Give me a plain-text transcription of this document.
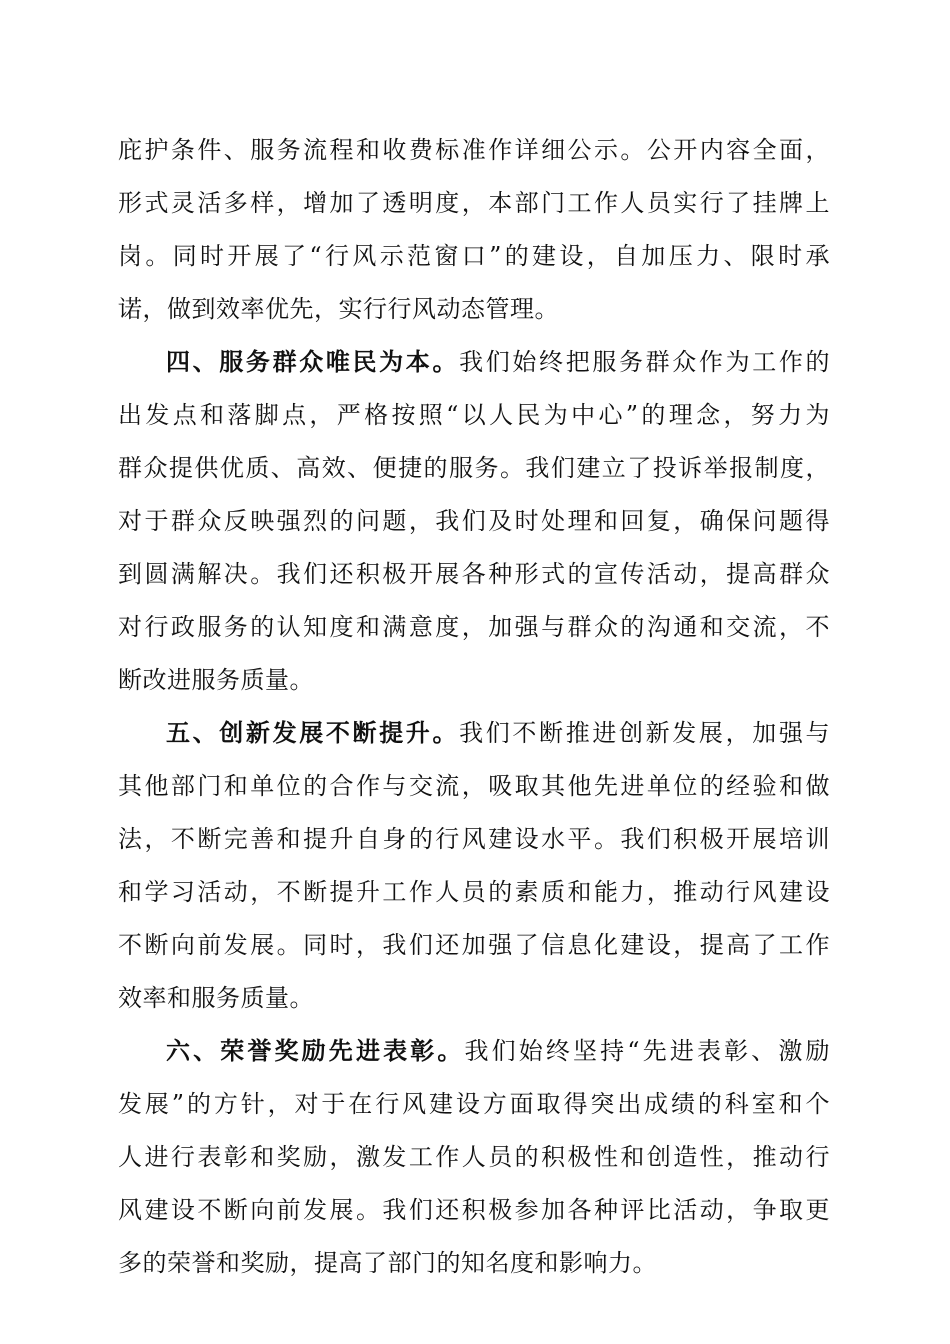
庇护条件、服务流程和收费标准作详细公示。公开内容全面，
形式灵活多样，增加了透明度，本部门工作人员实行了挂牌上
岗。同时开展了“行风示范窗口”的建设，自加压力、限时承
诺，做到效率优先，实行行风动态管理。
四、服务群众唯民为本。我们始终把服务群众作为工作的
出发点和落脚点，严格按照“以人民为中心”的理念，努力为
群众提供优质、高效、便捷的服务。我们建立了投诉举报制度，
对于群众反映强烈的问题，我们及时处理和回复，确保问题得
到圆满解决。我们还积极开展各种形式的宣传活动，提高群众
对行政服务的认知度和满意度，加强与群众的沟通和交流，不
断改进服务质量。
五、创新发展不断提升。我们不断推进创新发展，加强与
其他部门和单位的合作与交流，吸取其他先进单位的经验和做
法，不断完善和提升自身的行风建设水平。我们积极开展培训
和学习活动，不断提升工作人员的素质和能力，推动行风建设
不断向前发展。同时，我们还加强了信息化建设，提高了工作
效率和服务质量。
六、荣誉奖励先进表彰。我们始终坚持“先进表彰、激励
发展”的方针，对于在行风建设方面取得突出成绩的科室和个
人进行表彰和奖励，激发工作人员的积极性和创造性，推动行
风建设不断向前发展。我们还积极参加各种评比活动，争取更
多的荣誉和奖励，提高了部门的知名度和影响力。
